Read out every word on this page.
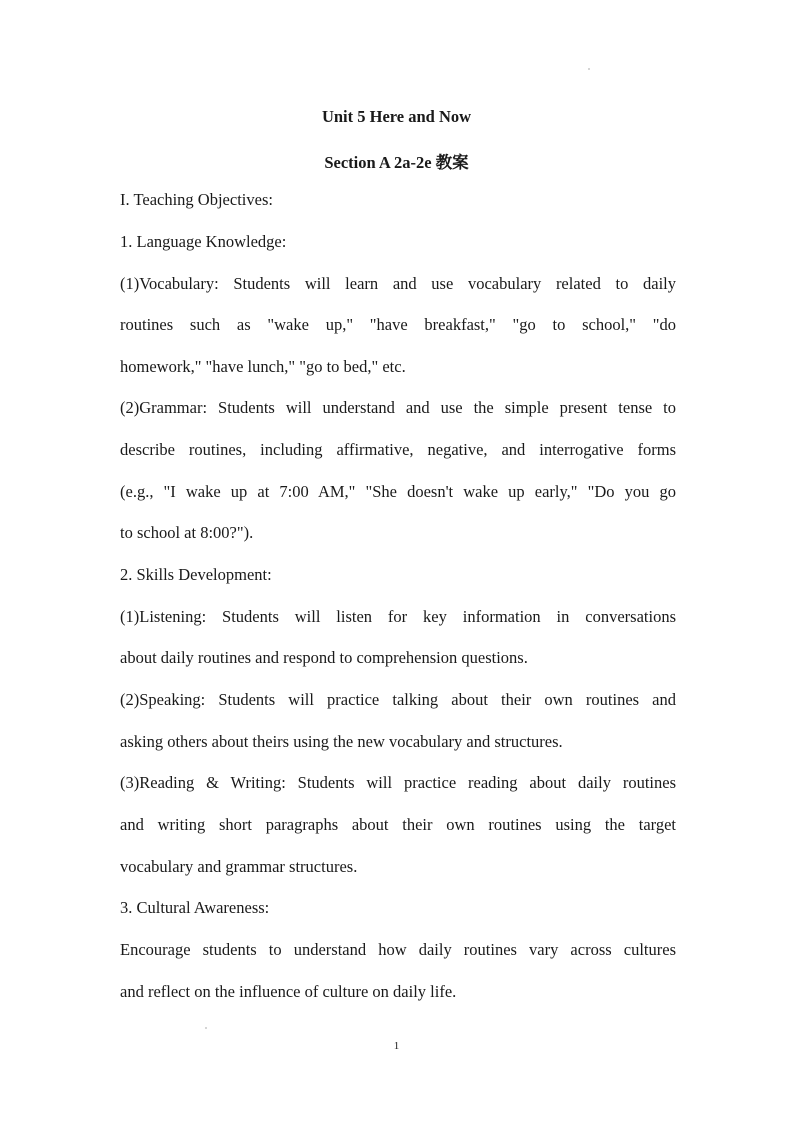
Unit 5 Here and Now
Section A 2a-2e 教案
I. Teaching Objectives:
1. Language Knowledge:
(1)Vocabulary: Students will learn and use vocabulary related to daily
routines such as "wake up," "have breakfast," "go to school," "do
homework," "have lunch," "go to bed," etc.
(2)Grammar: Students will understand and use the simple present tense to
describe routines, including affirmative, negative, and interrogative forms
(e.g., "I wake up at 7:00 AM," "She doesn't wake up early," "Do you go
to school at 8:00?").
2. Skills Development:
(1)Listening: Students will listen for key information in conversations
about daily routines and respond to comprehension questions.
(2)Speaking: Students will practice talking about their own routines and
asking others about theirs using the new vocabulary and structures.
(3)Reading & Writing: Students will practice reading about daily routines
and writing short paragraphs about their own routines using the target
vocabulary and grammar structures.
3. Cultural Awareness:
Encourage students to understand how daily routines vary across cultures
and reflect on the influence of culture on daily life.
1
